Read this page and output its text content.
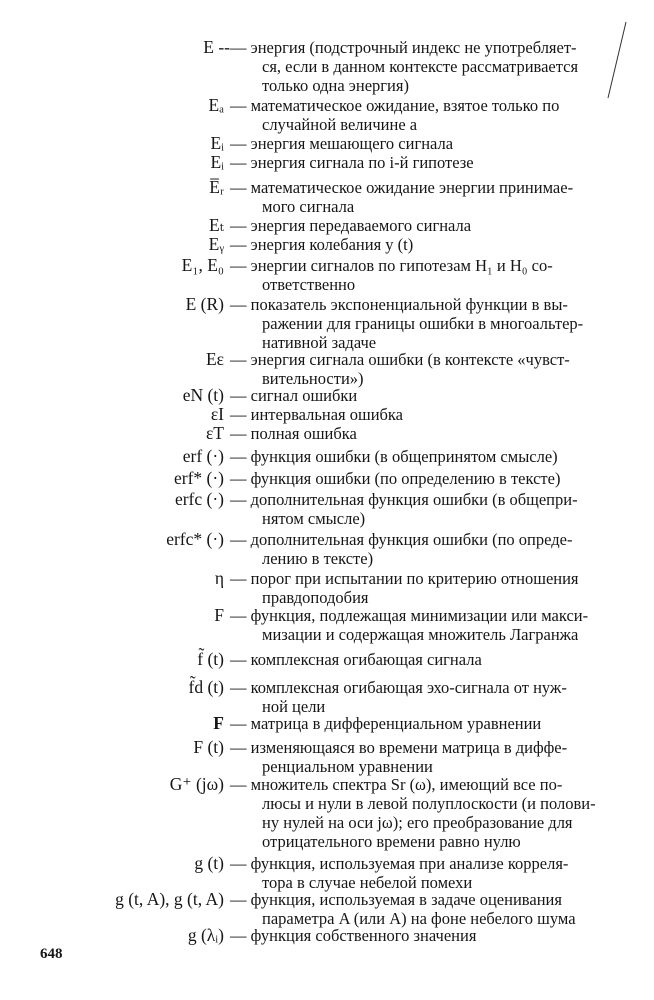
E -- — энергия (подстрочный индекс не употребляет-
ся, если в данном контексте рассматривается
только одна энергия)
Eₐ — математическое ожидание, взятое только по
случайной величине a
Eᵢ — энергия мешающего сигнала
Eᵢ — энергия сигнала по i-й гипотезе
E̅ᵣ — математическое ожидание энергии принимае-
мого сигнала
Eₜ — энергия передаваемого сигнала
Eᵧ — энергия колебания y (t)
E₁, E₀ — энергии сигналов по гипотезам H₁ и H₀ со-
ответственно
E (R) — показатель экспоненциальной функции в вы-
ражении для границы ошибки в многоальтер-
нативной задаче
Eε — энергия сигнала ошибки (в контексте «чувст-
вительности»)
eN (t) — сигнал ошибки
εI — интервальная ошибка
εT — полная ошибка
erf (·) — функция ошибки (в общепринятом смысле)
erf* (·) — функция ошибки (по определению в тексте)
erfc (·) — дополнительная функция ошибки (в общепри-
нятом смысле)
erfc* (·) — дополнительная функция ошибки (по опреде-
лению в тексте)
η — порог при испытании по критерию отношения
правдоподобия
F — функция, подлежащая минимизации или макси-
мизации и содержащая множитель Лагранжа
f̃ (t) — комплексная огибающая сигнала
f̃d (t) — комплексная огибающая эхо-сигнала от нуж-
ной цели
F — матрица в дифференциальном уравнении
F (t) — изменяющаяся во времени матрица в диффе-
ренциальном уравнении
G⁺ (jω) — множитель спектра Sr (ω), имеющий все по-
люсы и нули в левой полуплоскости (и полови-
ну нулей на оси jω); его преобразование для
отрицательного времени равно нулю
g (t) — функция, используемая при анализе корреля-
тора в случае небелой помехи
g (t, A), g (t, A) — функция, используемая в задаче оценивания
параметра A (или A) на фоне небелого шума
g (λᵢ) — функция собственного значения
648
